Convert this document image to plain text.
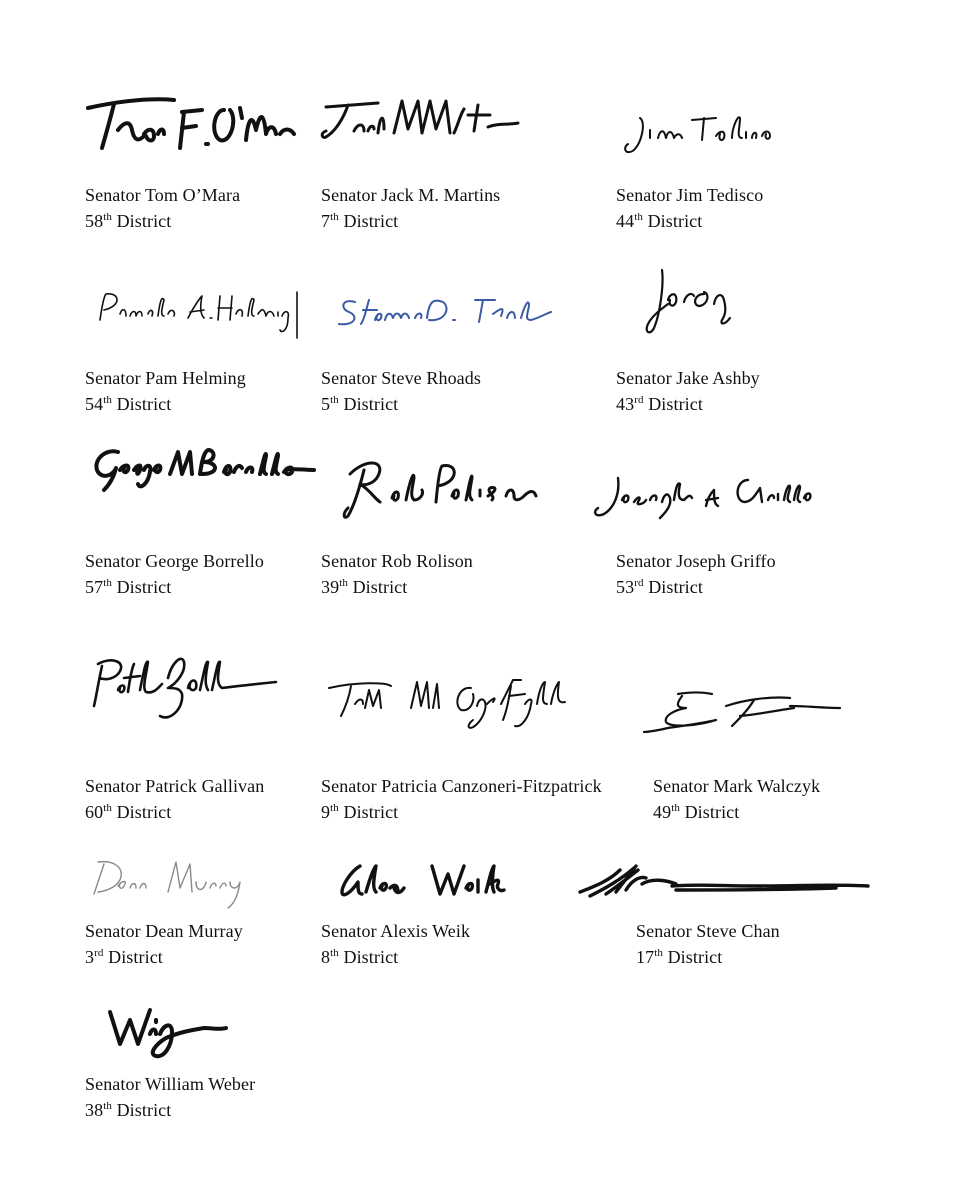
Senator Tom O’Mara
58th District
Senator Jack M. Martins
7th District
Senator Jim Tedisco
44th District
Senator Pam Helming
54th District
Senator Steve Rhoads
5th District
Senator Jake Ashby
43rd District
Senator George Borrello
57th District
Senator Rob Rolison
39th District
Senator Joseph Griffo
53rd District
Senator Patrick Gallivan
60th District
Senator Patricia Canzoneri-Fitzpatrick
9th District
Senator Mark Walczyk
49th District
Senator Dean Murray
3rd District
Senator Alexis Weik
8th District
Senator Steve Chan
17th District
Senator William Weber
38th District
